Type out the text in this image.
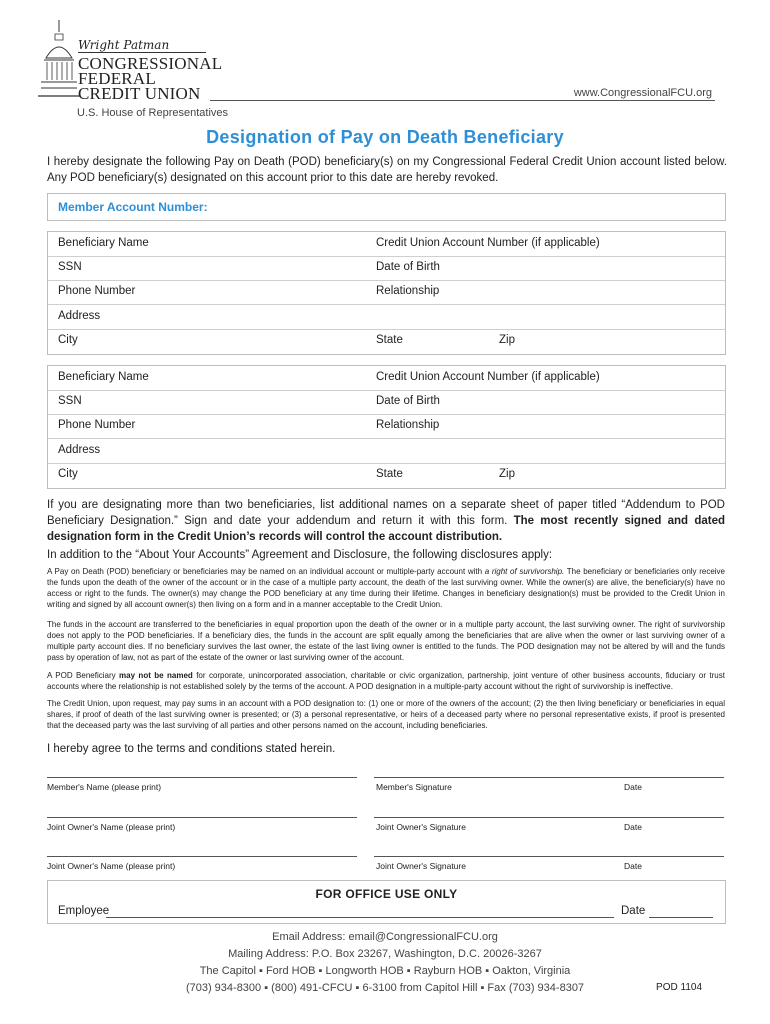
Wright Patman
CONGRESSIONAL
FEDERAL
CREDIT UNION	www.CongressionalFCU.org
U.S. House of Representatives
Designation of Pay on Death Beneficiary
I hereby designate the following Pay on Death (POD) beneficiary(s) on my Congressional Federal Credit Union account listed below. Any POD beneficiary(s) designated on this account prior to this date are hereby revoked.
Member Account Number:
Beneficiary Name	Credit Union Account Number (if applicable)
SSN	Date of Birth
Phone Number	Relationship
Address
City	State	Zip
Beneficiary Name	Credit Union Account Number (if applicable)
SSN	Date of Birth
Phone Number	Relationship
Address
City	State	Zip
If you are designating more than two beneficiaries, list additional names on a separate sheet of paper titled “Addendum to POD Beneficiary Designation.” Sign and date your addendum and return it with this form. The most recently signed and dated designation form in the Credit Union’s records will control the account distribution.
In addition to the “About Your Accounts” Agreement and Disclosure, the following disclosures apply:
A Pay on Death (POD) beneficiary or beneficiaries may be named on an individual account or multiple-party account with a right of survivorship. The beneficiary or beneficiaries only receive the funds upon the death of the owner of the account or in the case of a multiple party account, the death of the last surviving owner. While the owner(s) are alive, the beneficiary(s) have no access or right to the funds. The owner(s) may change the POD beneficiary at any time during their lifetime. Changes in beneficiary designation(s) must be provided to the Credit Union in writing and signed by all account owner(s) then living on a form and in a manner acceptable to the Credit Union.
The funds in the account are transferred to the beneficiaries in equal proportion upon the death of the owner or in a multiple party account, the last surviving owner. The right of survivorship does not apply to the POD beneficiaries. If a beneficiary dies, the funds in the account are split equally among the beneficiaries that are alive when the owner or last surviving owner of a multiple party account dies. If no beneficiary survives the last owner, the estate of the last living owner is entitled to the funds. The POD designation may not be altered by will and the funds pass by operation of law, not as part of the estate of the owner or last surviving owner of the account.
A POD Beneficiary may not be named for corporate, unincorporated association, charitable or civic organization, partnership, joint venture of other business accounts, fiduciary or trust accounts where the relationship is not established solely by the terms of the account. A POD designation in a multiple-party account without the right of survivorship is ineffective.
The Credit Union, upon request, may pay sums in an account with a POD designation to: (1) one or more of the owners of the account; (2) the then living beneficiary or beneficiaries in equal shares, if proof of death of the last surviving owner is presented; or (3) a personal representative, or heirs of a deceased party where no personal representative exists, if proof is presented that the deceased party was the last surviving of all parties and other persons named on the account, including beneficiaries.
I hereby agree to the terms and conditions stated herein.
Member's Name (please print)	Member's Signature	Date
Joint Owner's Name (please print)	Joint Owner's Signature	Date
Joint Owner's Name (please print)	Joint Owner's Signature	Date
FOR OFFICE USE ONLY
Employee	Date
Email Address: email@CongressionalFCU.org
Mailing Address: P.O. Box 23267, Washington, D.C. 20026-3267
The Capitol ▪ Ford HOB ▪ Longworth HOB ▪ Rayburn HOB ▪ Oakton, Virginia
(703) 934-8300 ▪ (800) 491-CFCU ▪ 6-3100 from Capitol Hill ▪ Fax (703) 934-8307	POD 1104
